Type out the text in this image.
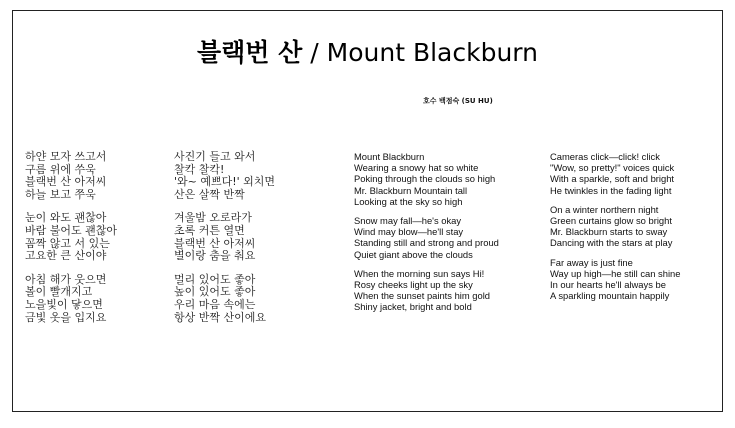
블랙번 산 / Mount Blackburn
호수 백점숙 (SU HU)
하얀 모자 쓰고서
구름 위에 쑤욱
블랙번 산 아저씨
하늘 보고 쭈욱
눈이 와도 괜찮아
바람 불어도 괜찮아
꼼짝 않고 서 있는
고요한 큰 산이야
아침 해가 웃으면
볼이 빨개지고
노을빛이 닿으면
금빛 옷을 입지요
사진기 들고 와서
찰칵 찰칵!
'와~ 예쁘다!' 외치면
산은 살짝 반짝
겨울밤 오로라가
초록 커튼 열면
블랙번 산 아저씨
별이랑 춤을 춰요
멀리 있어도 좋아
높이 있어도 좋아
우리 마음 속에는
항상 반짝 산이에요
Mount Blackburn
Wearing a snowy hat so white
Poking through the clouds so high
Mr. Blackburn Mountain tall
Looking at the sky so high
Snow may fall—he's okay
Wind may blow—he'll stay
Standing still and strong and proud
Quiet giant above the clouds
When the morning sun says Hi!
Rosy cheeks light up the sky
When the sunset paints him gold
Shiny jacket, bright and bold
Cameras click—click! click
"Wow, so pretty!" voices quick
With a sparkle, soft and bright
He twinkles in the fading light
On a winter northern night
Green curtains glow so bright
Mr. Blackburn starts to sway
Dancing with the stars at play
Far away is just fine
Way up high—he still can shine
In our hearts he'll always be
A sparkling mountain happily
